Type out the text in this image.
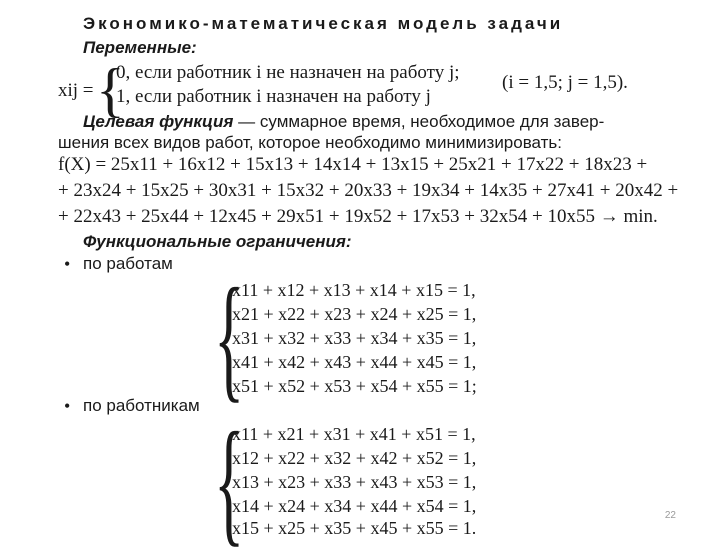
Экономико-математическая модель задачи
Переменные:
xij = {
0, если работник i не назначен на работу j;
1, если работник i назначен на работу j
(i = 1,5; j = 1,5).
Целевая функция — суммарное время, необходимое для завер-
шения всех видов работ, которое необходимо минимизировать:
f(X) = 25x11 + 16x12 + 15x13 + 14x14 + 13x15 + 25x21 + 17x22 + 18x23 +
+ 23x24 + 15x25 + 30x31 + 15x32 + 20x33 + 19x34 + 14x35 + 27x41 + 20x42 +
+ 22x43 + 25x44 + 12x45 + 29x51 + 19x52 + 17x53 + 32x54 + 10x55 → min.
Функциональные ограничения:
• по работам {
x11 + x12 + x13 + x14 + x15 = 1,
x21 + x22 + x23 + x24 + x25 = 1,
x31 + x32 + x33 + x34 + x35 = 1,
x41 + x42 + x43 + x44 + x45 = 1,
x51 + x52 + x53 + x54 + x55 = 1;
• по работникам {
x11 + x21 + x31 + x41 + x51 = 1,
x12 + x22 + x32 + x42 + x52 = 1,
x13 + x23 + x33 + x43 + x53 = 1,
x14 + x24 + x34 + x44 + x54 = 1,
x15 + x25 + x35 + x45 + x55 = 1.
22
